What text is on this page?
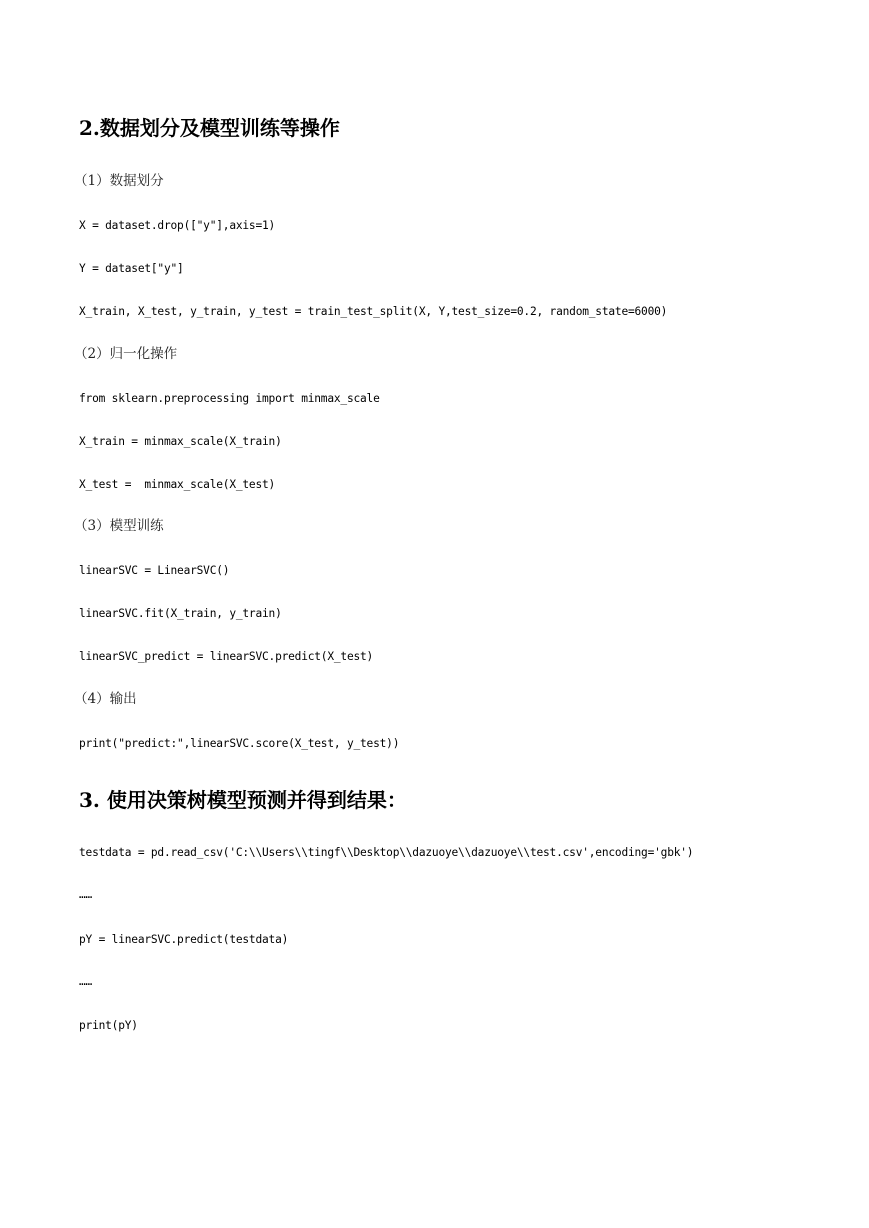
2.数据划分及模型训练等操作
（1）数据划分
X = dataset.drop(["y"],axis=1)
Y = dataset["y"]
X_train, X_test, y_train, y_test = train_test_split(X, Y,test_size=0.2, random_state=6000)
（2）归一化操作
from sklearn.preprocessing import minmax_scale
X_train = minmax_scale(X_train)
X_test =  minmax_scale(X_test)
（3）模型训练
linearSVC = LinearSVC()
linearSVC.fit(X_train, y_train)
linearSVC_predict = linearSVC.predict(X_test)
（4）输出
print("predict:",linearSVC.score(X_test, y_test))
3. 使用决策树模型预测并得到结果：
testdata = pd.read_csv('C:\\Users\\tingf\\Desktop\\dazuoye\\dazuoye\\test.csv',encoding='gbk')
……
pY = linearSVC.predict(testdata)
……
print(pY)
